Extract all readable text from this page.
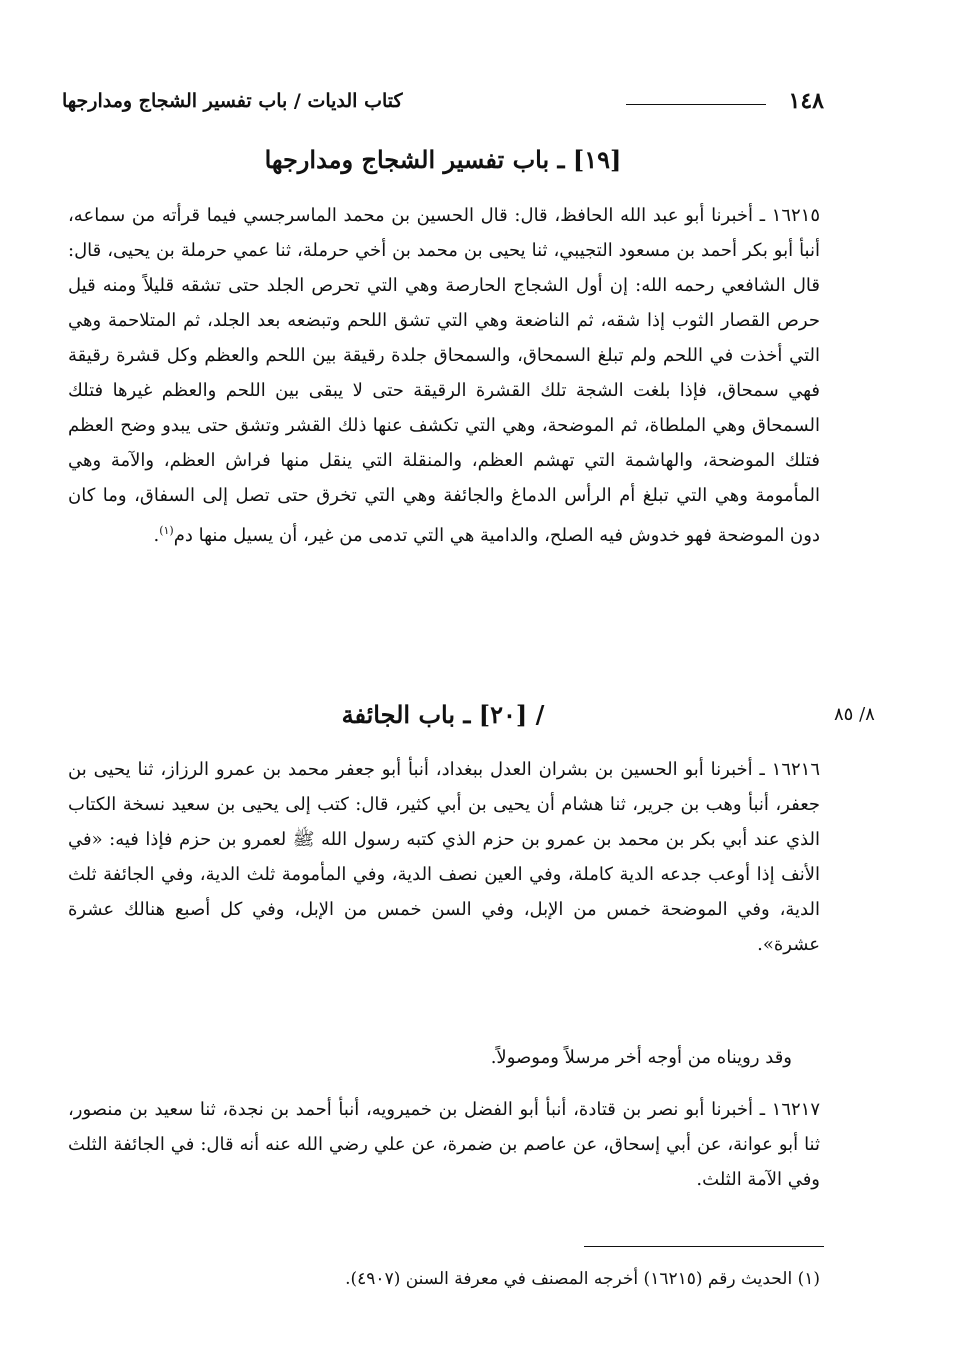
١٤٨
كتاب الديات / باب تفسير الشجاج ومدارجها
[١٩] ـ باب تفسير الشجاج ومدارجها

١٦٢١٥ ـ أخبرنا أبو عبد الله الحافظ، قال: قال الحسين بن محمد الماسرجسي فيما قرأته من سماعه، أنبأ أبو بكر أحمد بن مسعود التجيبي، ثنا يحيى بن محمد بن أخي حرملة، ثنا عمي حرملة بن يحيى، قال: قال الشافعي رحمه الله: إن أول الشجاج الحارصة وهي التي تحرص الجلد حتى تشقه قليلاً ومنه قيل حرص القصار الثوب إذا شقه، ثم الناضعة وهي التي تشق اللحم وتبضعه بعد الجلد، ثم المتلاحمة وهي التي أخذت في اللحم ولم تبلغ السمحاق، والسمحاق جلدة رقيقة بين اللحم والعظم وكل قشرة رقيقة فهي سمحاق، فإذا بلغت الشجة تلك القشرة الرقيقة حتى لا يبقى بين اللحم والعظم غيرها فتلك السمحاق وهي الملطاة، ثم الموضحة، وهي التي تكشف عنها ذلك القشر وتشق حتى يبدو وضح العظم فتلك الموضحة، والهاشمة التي تهشم العظم، والمنقلة التي ينقل منها فراش العظم، والآمة وهي المأمومة وهي التي تبلغ أم الرأس الدماغ والجائفة وهي التي تخرق حتى تصل إلى السفاق، وما كان دون الموضحة فهو خدوش فيه الصلح، والدامية هي التي تدمى من غير، أن يسيل منها دم$^{(١)}$.

/ [٢٠] ـ باب الجائفة	٨/ ٨٥

١٦٢١٦ ـ أخبرنا أبو الحسين بن بشران العدل ببغداد، أنبأ أبو جعفر محمد بن عمرو الرزاز، ثنا يحيى بن جعفر، أنبأ وهب بن جرير، ثنا هشام أن يحيى بن أبي كثير، قال: كتب إلى يحيى بن سعيد نسخة الكتاب الذي عند أبي بكر بن محمد بن عمرو بن حزم الذي كتبه رسول الله ﷺ لعمرو بن حزم فإذا فيه: «في الأنف إذا أوعب جدعه الدية كاملة، وفي العين نصف الدية، وفي المأمومة ثلث الدية، وفي الجائفة ثلث الدية، وفي الموضحة خمس من الإبل، وفي السن خمس من الإبل، وفي كل أصبع هنالك عشرة عشرة».

وقد رويناه من أوجه أخر مرسلاً وموصولاً.

١٦٢١٧ ـ أخبرنا أبو نصر بن قتادة، أنبأ أبو الفضل بن خميرويه، أنبأ أحمد بن نجدة، ثنا سعيد بن منصور، ثنا أبو عوانة، عن أبي إسحاق، عن عاصم بن ضمرة، عن علي رضي الله عنه أنه قال: في الجائفة الثلث وفي الآمة الثلث.

(١) الحديث رقم (١٦٢١٥) أخرجه المصنف في معرفة السنن (٤٩٠٧).
